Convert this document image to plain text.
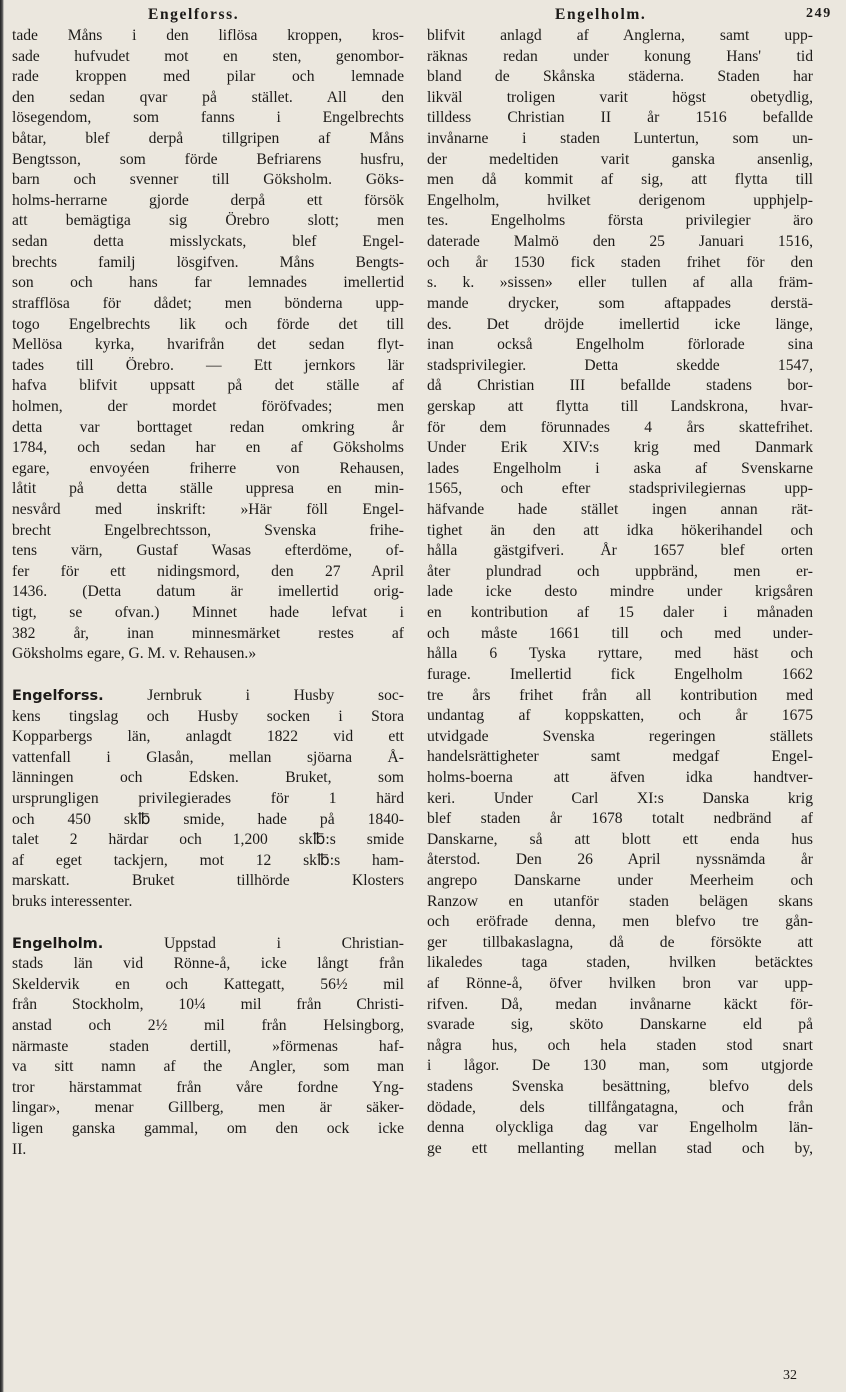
Engelforss.	Engelholm.	249
tade Måns i den liflösa kroppen, kros-
sade hufvudet mot en sten, genombor-
rade kroppen med pilar och lemnade
den sedan qvar på stället. All den
lösegendom, som fanns i Engelbrechts
båtar, blef derpå tillgripen af Måns
Bengtsson, som förde Befriarens husfru,
barn och svenner till Göksholm. Göks-
holms-herrarne gjorde derpå ett försök
att bemägtiga sig Örebro slott; men
sedan detta misslyckats, blef Engel-
brechts familj lösgifven. Måns Bengts-
son och hans far lemnades imellertid
strafflösa för dådet; men bönderna upp-
togo Engelbrechts lik och förde det till
Mellösa kyrka, hvarifrån det sedan flyt-
tades till Örebro. — Ett jernkors lär
hafva blifvit uppsatt på det ställe af
holmen, der mordet föröfvades; men
detta var borttaget redan omkring år
1784, och sedan har en af Göksholms
egare, envoyéen friherre von Rehausen,
låtit på detta ställe uppresa en min-
nesvård med inskrift: »Här föll Engel-
brecht Engelbrechtsson, Svenska frihe-
tens värn, Gustaf Wasas efterdöme, of-
fer för ett nidingsmord, den 27 April
1436. (Detta datum är imellertid orig-
tigt, se ofvan.) Minnet hade lefvat i
382 år, inan minnesmärket restes af
Göksholms egare, G. M. v. Rehausen.»
Engelforss. Jernbruk i Husby soc-
kens tingslag och Husby socken i Stora
Kopparbergs län, anlagdt 1822 vid ett
vattenfall i Glasån, mellan sjöarna Å-
länningen och Edsken. Bruket, som
ursprungligen privilegierades för 1 härd
och 450 sk℔ smide, hade på 1840-
talet 2 härdar och 1,200 sk℔:s smide
af eget tackjern, mot 12 sk℔:s ham-
marskatt. Bruket tillhörde Klosters
bruks interessenter.
Engelholm. Uppstad i Christian-
stads län vid Rönne-å, icke långt från
Skeldervik en och Kattegatt, 56½ mil
från Stockholm, 10¼ mil från Christi-
anstad och 2½ mil från Helsingborg,
närmaste staden dertill, »förmenas haf-
va sitt namn af the Angler, som man
tror härstammat från våre fordne Yng-
lingar», menar Gillberg, men är säker-
ligen ganska gammal, om den ock icke
II.
blifvit anlagd af Anglerna, samt upp-
räknas redan under konung Hans' tid
bland de Skånska städerna. Staden har
likväl troligen varit högst obetydlig,
tilldess Christian II år 1516 befallde
invånarne i staden Luntertun, som un-
der medeltiden varit ganska ansenlig,
men då kommit af sig, att flytta till
Engelholm, hvilket derigenom upphjelp-
tes. Engelholms första privilegier äro
daterade Malmö den 25 Januari 1516,
och år 1530 fick staden frihet för den
s. k. »sissen» eller tullen af alla främ-
mande drycker, som aftappades derstä-
des. Det dröjde imellertid icke länge,
inan också Engelholm förlorade sina
stadsprivilegier. Detta skedde 1547,
då Christian III befallde stadens bor-
gerskap att flytta till Landskrona, hvar-
för dem förunnades 4 års skattefrihet.
Under Erik XIV:s krig med Danmark
lades Engelholm i aska af Svenskarne
1565, och efter stadsprivilegiernas upp-
häfvande hade stället ingen annan rät-
tighet än den att idka hökerihandel och
hålla gästgifveri. År 1657 blef orten
åter plundrad och uppbränd, men er-
lade icke desto mindre under krigsåren
en kontribution af 15 daler i månaden
och måste 1661 till och med under-
hålla 6 Tyska ryttare, med häst och
furage. Imellertid fick Engelholm 1662
tre års frihet från all kontribution med
undantag af koppskatten, och år 1675
utvidgade Svenska regeringen ställets
handelsrättigheter samt medgaf Engel-
holms-boerna att äfven idka handtver-
keri. Under Carl XI:s Danska krig
blef staden år 1678 totalt nedbränd af
Danskarne, så att blott ett enda hus
återstod. Den 26 April nyssnämda år
angrepo Danskarne under Meerheim och
Ranzow en utanför staden belägen skans
och eröfrade denna, men blefvo tre gån-
ger tillbakaslagna, då de försökte att
likaledes taga staden, hvilken betäcktes
af Rönne-å, öfver hvilken bron var upp-
rifven. Då, medan invånarne käckt för-
svarade sig, sköto Danskarne eld på
några hus, och hela staden stod snart
i lågor. De 130 man, som utgjorde
stadens Svenska besättning, blefvo dels
dödade, dels tillfångatagna, och från
denna olyckliga dag var Engelholm län-
ge ett mellanting mellan stad och by,
32
